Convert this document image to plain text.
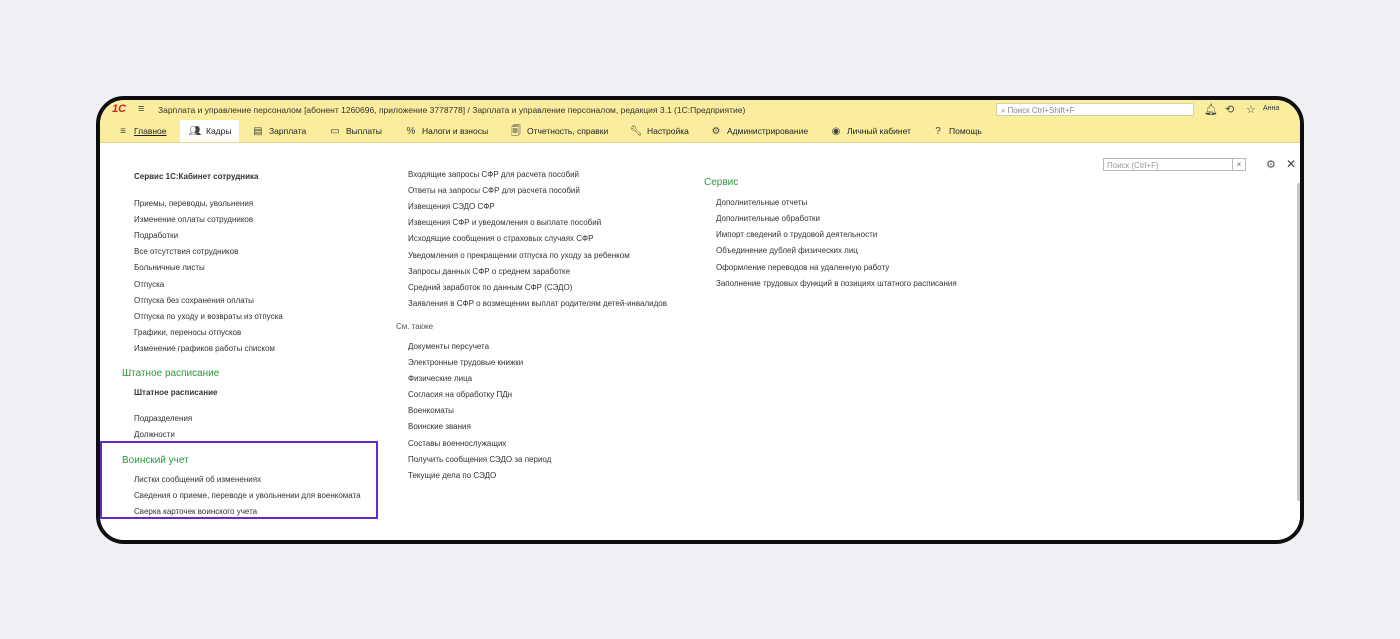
1С ≡ Зарплата и управление персоналом [абонент 1260696, приложение 3778778] / Зарплата и управление персоналом, редакция 3.1 (1С:Предприятие)	⌕ Поиск Ctrl+Shift+F	🔔︎ ⟲ ☆ Анна
≡ Главное	👥︎ Кадры	▤ Зарплата ▭ Выплаты % Налоги и взносы 🗐︎ Отчетность, справки 🔧︎ Настройка ⚙ Администрирование ◉ Личный кабинет	? Помощь
Поиск (Ctrl+F)	×	⚙ ✕
Сервис 1С:Кабинет сотрудника
Приемы, переводы, увольнения
Изменение оплаты сотрудников
Подработки
Все отсутствия сотрудников
Больничные листы
Отпуска
Отпуска без сохранения оплаты
Отпуска по уходу и возвраты из отпуска
Графики, переносы отпусков
Изменение графиков работы списком
Штатное расписание
Штатное расписание
Подразделения
Должности
Воинский учет
Листки сообщений об изменениях
Сведения о приеме, переводе и увольнении для военкомата
Сверка карточек воинского учета
Входящие запросы СФР для расчета пособий
Ответы на запросы СФР для расчета пособий
Извещения СЭДО СФР
Извещения СФР и уведомления о выплате пособий
Исходящие сообщения о страховых случаях СФР
Уведомления о прекращении отпуска по уходу за ребенком
Запросы данных СФР о среднем заработке
Средний заработок по данным СФР (СЭДО)
Заявления в СФР о возмещении выплат родителям детей-инвалидов
См. также
Документы персучета
Электронные трудовые книжки
Физические лица
Согласия на обработку ПДн
Военкоматы
Воинские звания
Составы военнослужащих
Получить сообщения СЭДО за период
Текущие дела по СЭДО
Сервис
Дополнительные отчеты
Дополнительные обработки
Импорт сведений о трудовой деятельности
Объединение дублей физических лиц
Оформление переводов на удаленную работу
Заполнение трудовых функций в позициях штатного расписания
